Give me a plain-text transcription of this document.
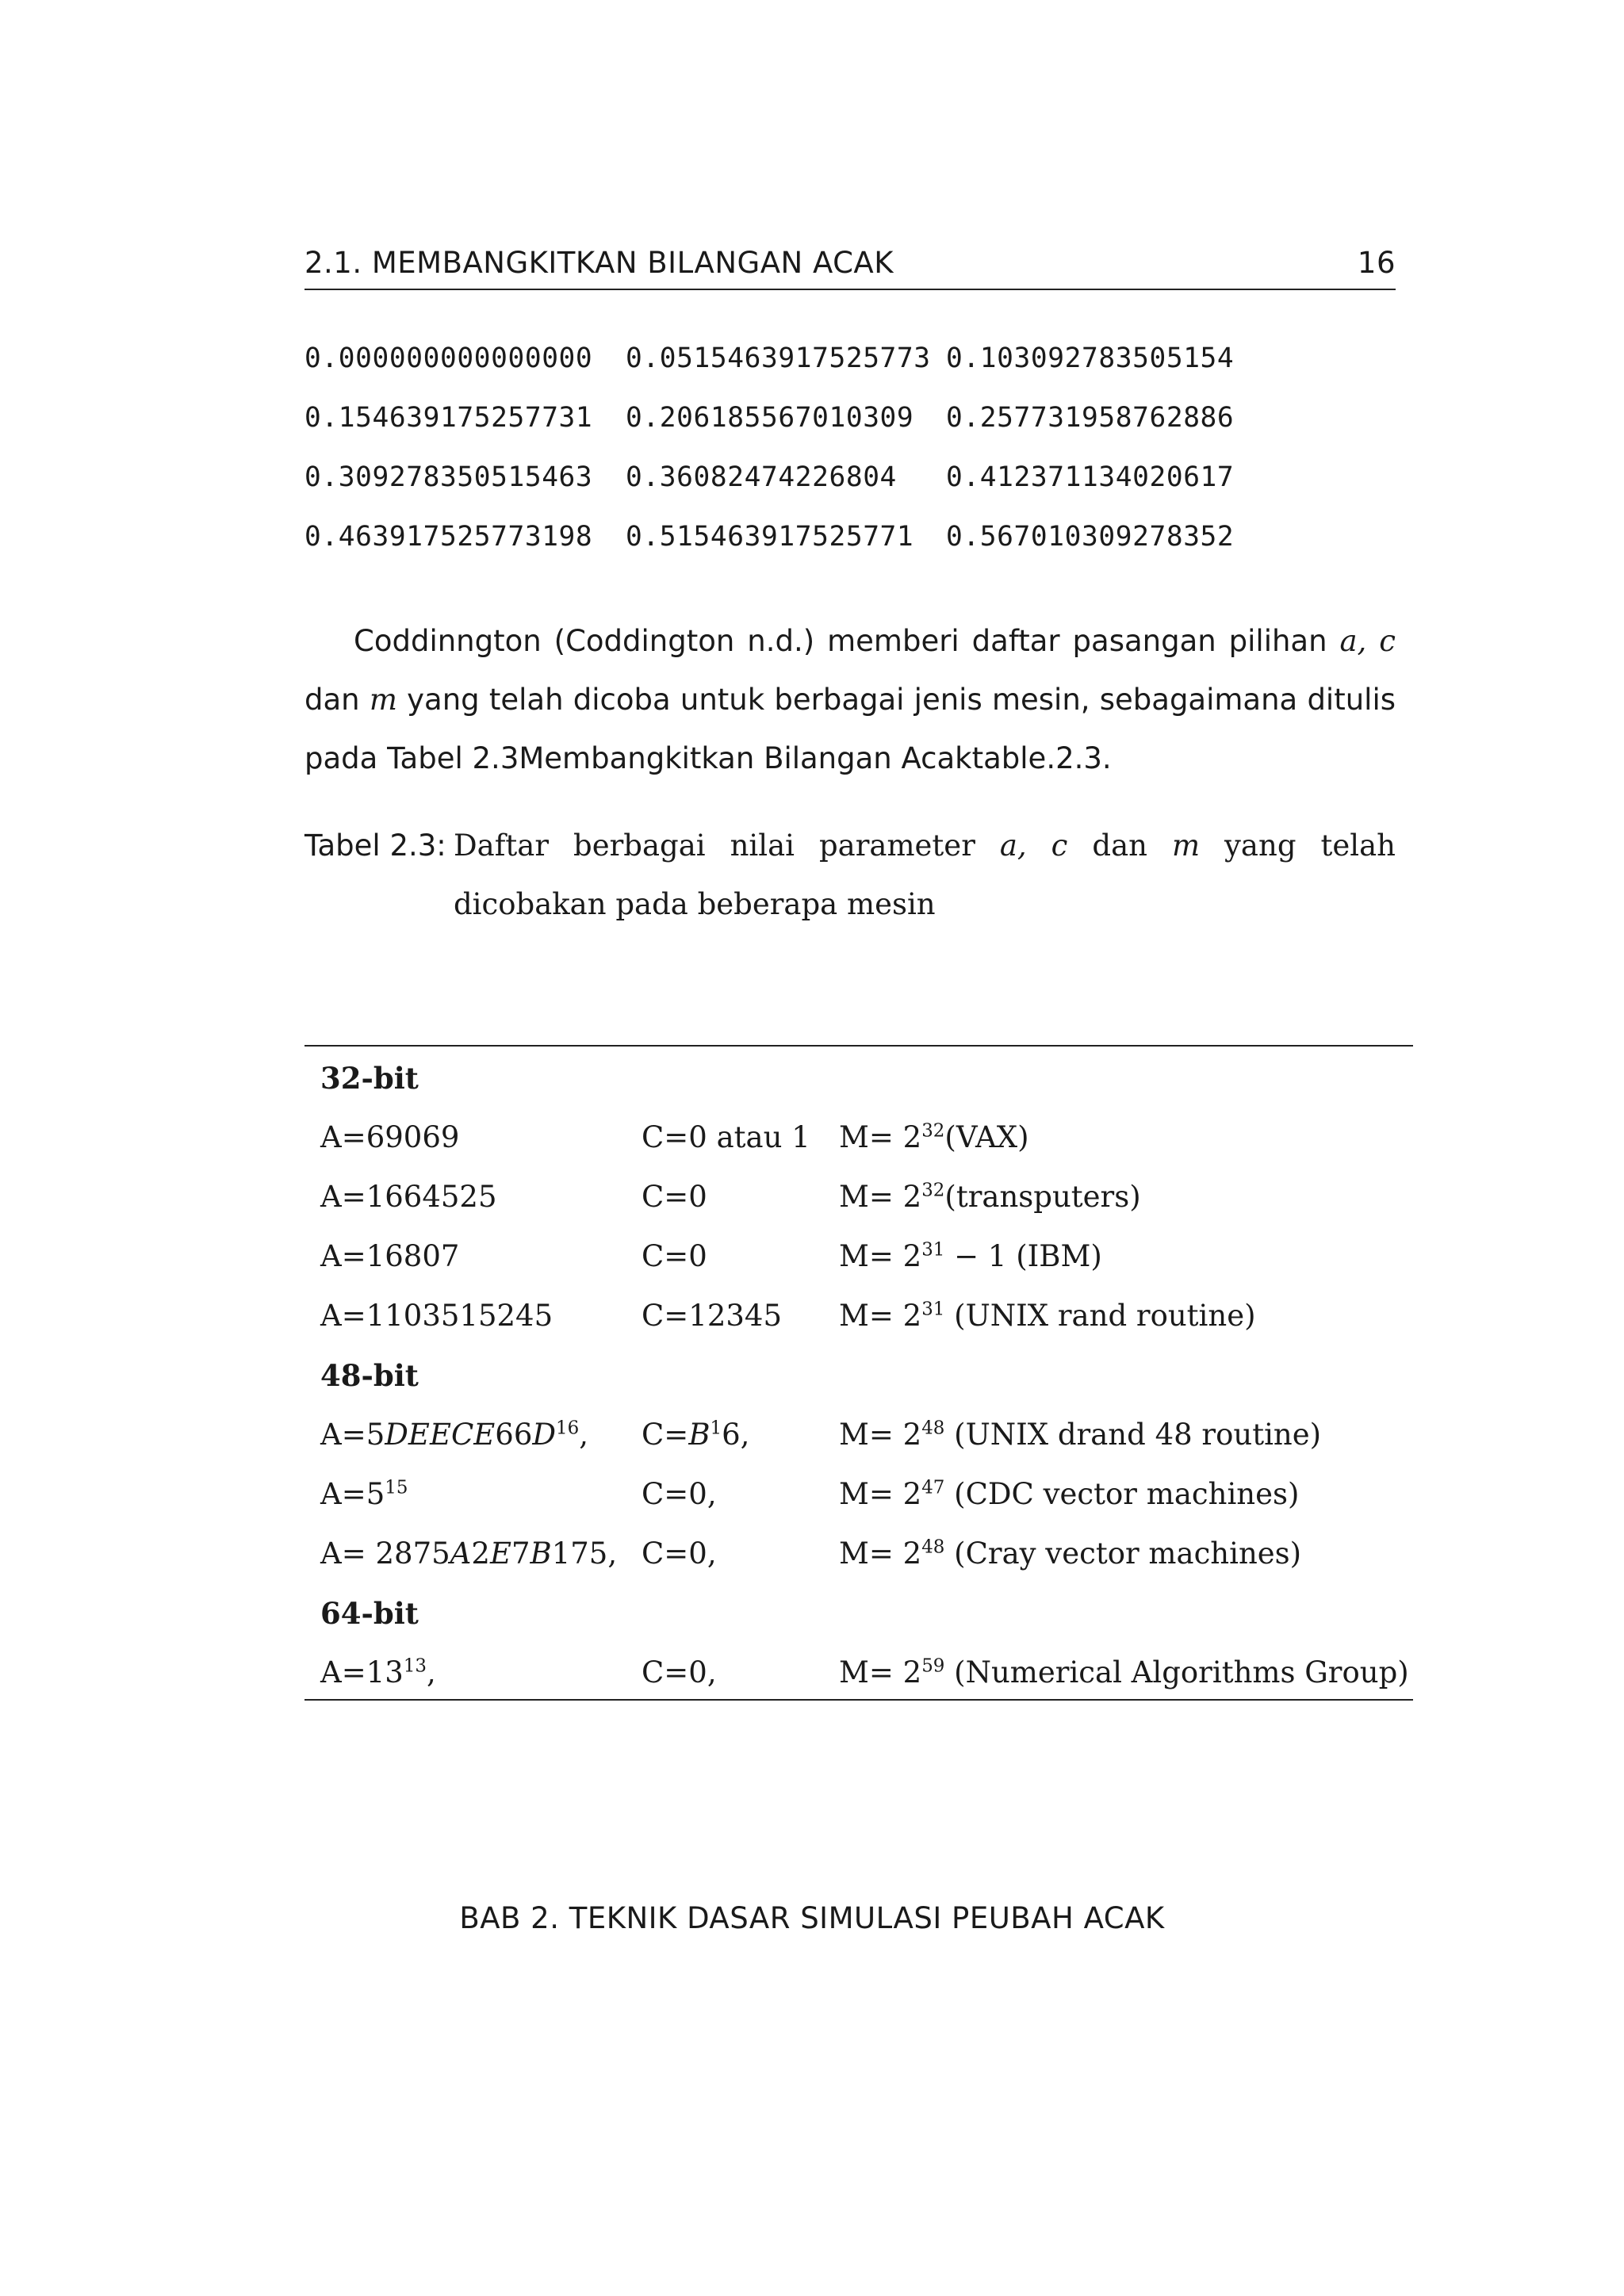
2.1. MEMBANGKITKAN BILANGAN ACAK	16
0.000000000000000	0.0515463917525773 0.103092783505154
0.154639175257731	0.206185567010309	0.257731958762886
0.309278350515463	0.36082474226804	0.412371134020617
0.463917525773198	0.515463917525771	0.567010309278352

Coddinngton (Coddington n.d.) memberi daftar pasangan pilihan a, c dan m yang telah dicoba untuk berbagai jenis mesin, sebagaimana ditulis pada Tabel 2.3Membangkitkan Bilangan Acaktable.2.3.

Tabel 2.3: Daftar berbagai nilai parameter a, c dan m yang telah dicobakan pada beberapa mesin
32-bit
A=69069	C=0 atau 1 $M= 2^{32}(VAX)$
A=1664525	C=0	$M= 2^{32}(transputers)$
A=16807	C=0	$M= 2^{31} - 1$ (IBM)
A=1103515245	C=12345	$M= 2^{31}$ (UNIX rand routine)
48-bit
$A=5DEECE66D^{16}$,	$C=B^16$,	$M= 2^{48}$ (UNIX drand 48 routine)
$A=5^{15}$	C=0,	$M= 2^{47}$ (CDC vector machines)
A= 2875A2E7B175, C=0,	$M= 2^{48}$ (Cray vector machines)
64-bit
$A=13^{13}$,	C=0,	$M= 2^{59}$ (Numerical Algorithms Group)
BAB 2. TEKNIK DASAR SIMULASI PEUBAH ACAK
